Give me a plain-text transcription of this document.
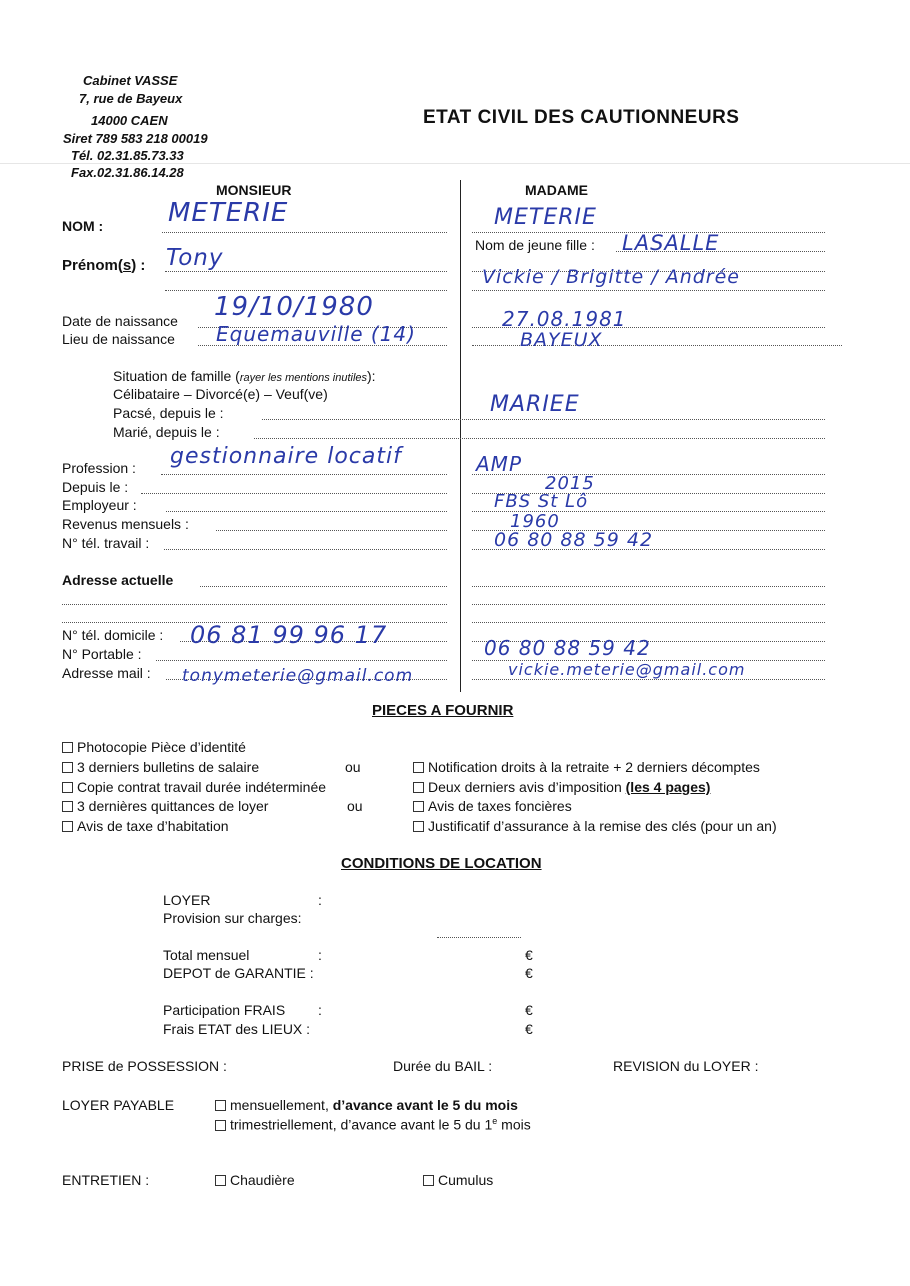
Cabinet VASSE
7, rue de Bayeux
14000 CAEN
Siret 789 583 218 00019
Tél. 02.31.85.73.33
Fax.02.31.86.14.28
ETAT CIVIL DES CAUTIONNEURS
MONSIEUR	MADAME
NOM : METERIE	METERIE
Nom de jeune fille : LASALLE
Prénom(s) : Tony
Vickie / Brigitte / Andrée
Date de naissance 19/10/1980	27.08.1981
Lieu de naissance Equemauville (14)	BAYEUX
Situation de famille (rayer les mentions inutiles):
Célibataire – Divorcé(e) – Veuf(ve)
Pacsé, depuis le :	MARIEE
Marié, depuis le :
Profession : gestionnaire locatif	AMP
Depuis le :	2015
Employeur :	FBS St Lô
Revenus mensuels :	1960
N° tél. travail :	06 80 88 59 42
Adresse actuelle
N° tél. domicile : 06 81 99 96 17
N° Portable :	06 80 88 59 42
Adresse mail : tonymeterie@gmail.com	vickie.meterie@gmail.com
PIECES A FOURNIR
Photocopie Pièce d’identité
3 derniers bulletins de salaire	ou
Copie contrat travail durée indéterminée
3 dernières quittances de loyer	ou
Avis de taxe d’habitation
Notification droits à la retraite + 2 derniers décomptes
Deux derniers avis d’imposition (les 4 pages)
Avis de taxes foncières
Justificatif d’assurance à la remise des clés (pour un an)
CONDITIONS DE LOCATION
LOYER	:
Provision sur charges:
Total mensuel	:	€
DEPOT de GARANTIE :	€
Participation FRAIS :	€
Frais ETAT des LIEUX :	€
PRISE de POSSESSION :	Durée du BAIL :	REVISION du LOYER :
LOYER PAYABLE	mensuellement, d’avance avant le 5 du mois
trimestriellement, d’avance avant le 5 du 1e mois
ENTRETIEN :	Chaudière	Cumulus
